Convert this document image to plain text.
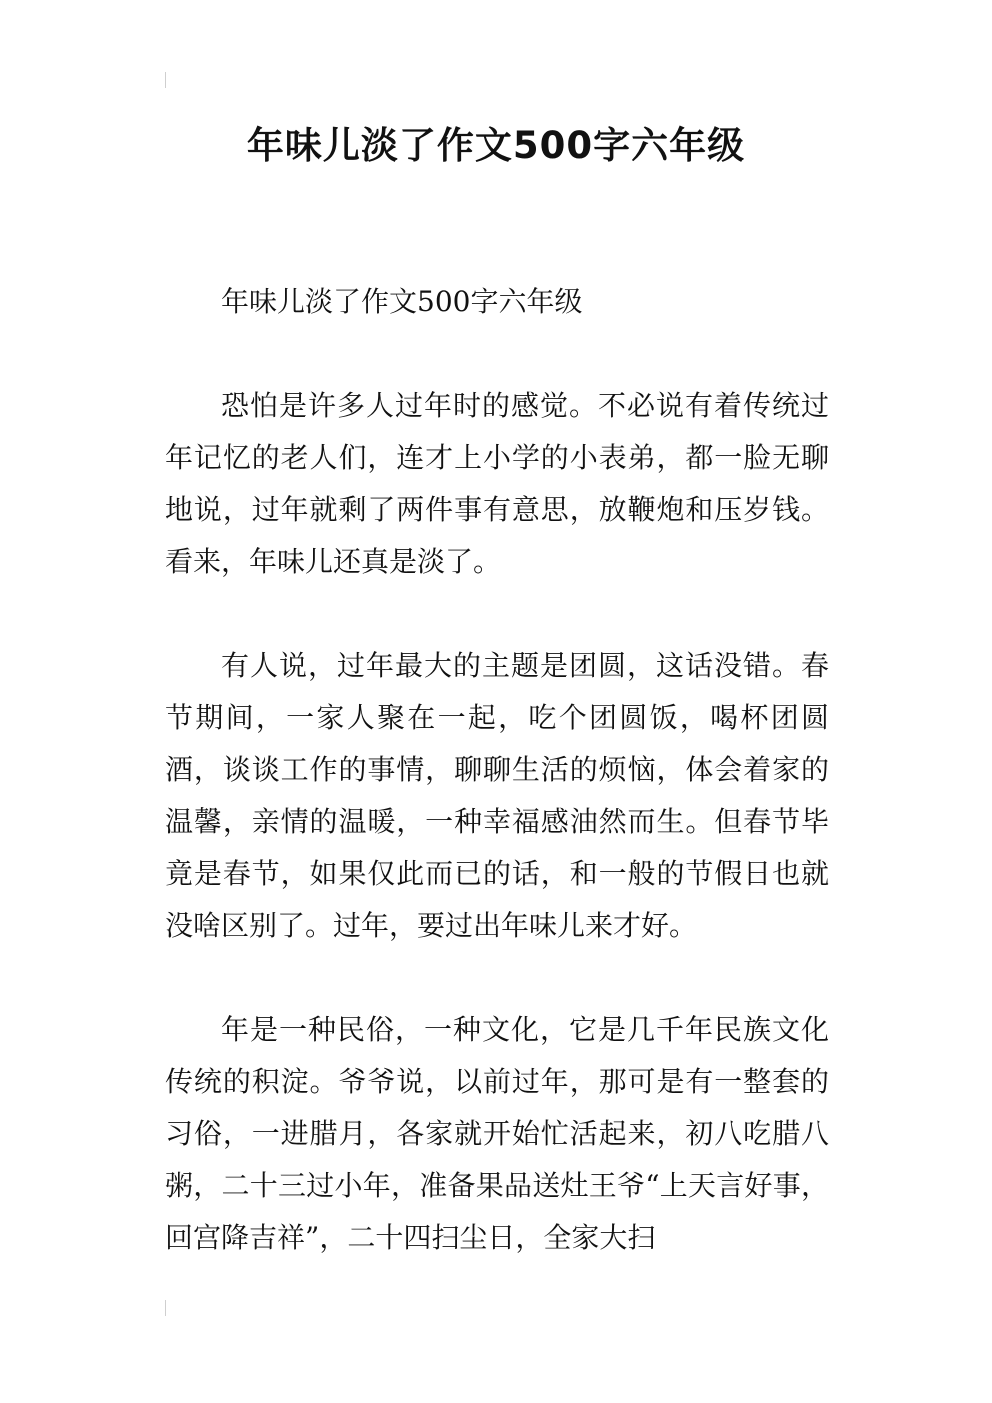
年味儿淡了作文500字六年级

年味儿淡了作文500字六年级

恐怕是许多人过年时的感觉。不必说有着传统过年记忆的老人们，连才上小学的小表弟，都一脸无聊地说，过年就剩了两件事有意思，放鞭炮和压岁钱。看来，年味儿还真是淡了。

有人说，过年最大的主题是团圆，这话没错。春节期间，一家人聚在一起，吃个团圆饭，喝杯团圆酒，谈谈工作的事情，聊聊生活的烦恼，体会着家的温馨，亲情的温暖，一种幸福感油然而生。但春节毕竟是春节，如果仅此而已的话，和一般的节假日也就没啥区别了。过年，要过出年味儿来才好。

年是一种民俗，一种文化，它是几千年民族文化传统的积淀。爷爷说，以前过年，那可是有一整套的习俗，一进腊月，各家就开始忙活起来，初八吃腊八粥，二十三过小年，准备果品送灶王爷“上天言好事，回宫降吉祥”，二十四扫尘日，全家大扫
